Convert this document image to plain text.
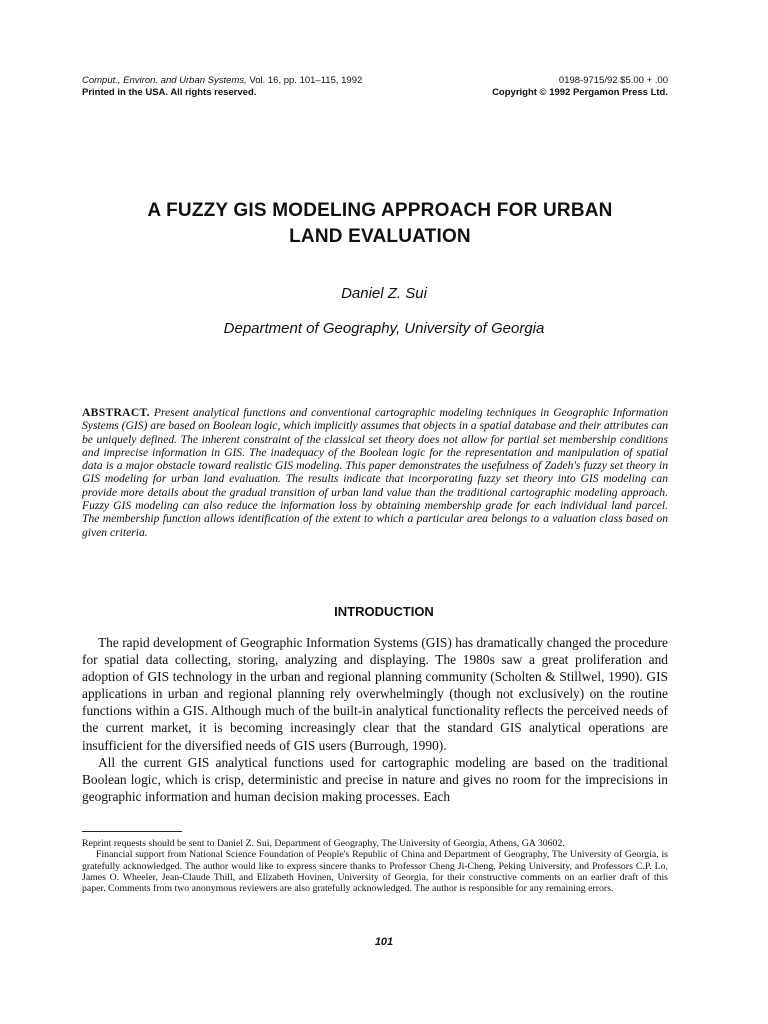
Comput., Environ. and Urban Systems, Vol. 16, pp. 101–115, 1992
Printed in the USA. All rights reserved.
0198-9715/92 $5.00 + .00
Copyright © 1992 Pergamon Press Ltd.
A FUZZY GIS MODELING APPROACH FOR URBAN
LAND EVALUATION
Daniel Z. Sui
Department of Geography, University of Georgia
ABSTRACT. Present analytical functions and conventional cartographic modeling techniques in Geographic Information Systems (GIS) are based on Boolean logic, which implicitly assumes that objects in a spatial database and their attributes can be uniquely defined. The inherent constraint of the classical set theory does not allow for partial set membership conditions and imprecise information in GIS. The inadequacy of the Boolean logic for the representation and manipulation of spatial data is a major obstacle toward realistic GIS modeling. This paper demonstrates the usefulness of Zadeh's fuzzy set theory in GIS modeling for urban land evaluation. The results indicate that incorporating fuzzy set theory into GIS modeling can provide more details about the gradual transition of urban land value than the traditional cartographic modeling approach. Fuzzy GIS modeling can also reduce the information loss by obtaining membership grade for each individual land parcel. The membership function allows identification of the extent to which a particular area belongs to a valuation class based on given criteria.
INTRODUCTION

The rapid development of Geographic Information Systems (GIS) has dramatically changed the procedure for spatial data collecting, storing, analyzing and displaying. The 1980s saw a great proliferation and adoption of GIS technology in the urban and regional planning community (Scholten & Stillwel, 1990). GIS applications in urban and regional planning rely overwhelmingly (though not exclusively) on the routine functions within a GIS. Although much of the built-in analytical functionality reflects the perceived needs of the current market, it is becoming increasingly clear that the standard GIS analytical operations are insufficient for the diversified needs of GIS users (Burrough, 1990).

All the current GIS analytical functions used for cartographic modeling are based on the traditional Boolean logic, which is crisp, deterministic and precise in nature and gives no room for the imprecisions in geographic information and human decision making processes. Each

Reprint requests should be sent to Daniel Z. Sui, Department of Geography, The University of Georgia, Athens, GA 30602.

Financial support from National Science Foundation of People's Republic of China and Department of Geography, The University of Georgia, is gratefully acknowledged. The author would like to express sincere thanks to Professor Cheng Ji-Cheng, Peking University, and Professors C.P. Lo, James O. Wheeler, Jean-Claude Thill, and Elizabeth Hovinen, University of Georgia, for their constructive comments on an earlier draft of this paper. Comments from two anonymous reviewers are also gratefully acknowledged. The author is responsible for any remaining errors.

101
